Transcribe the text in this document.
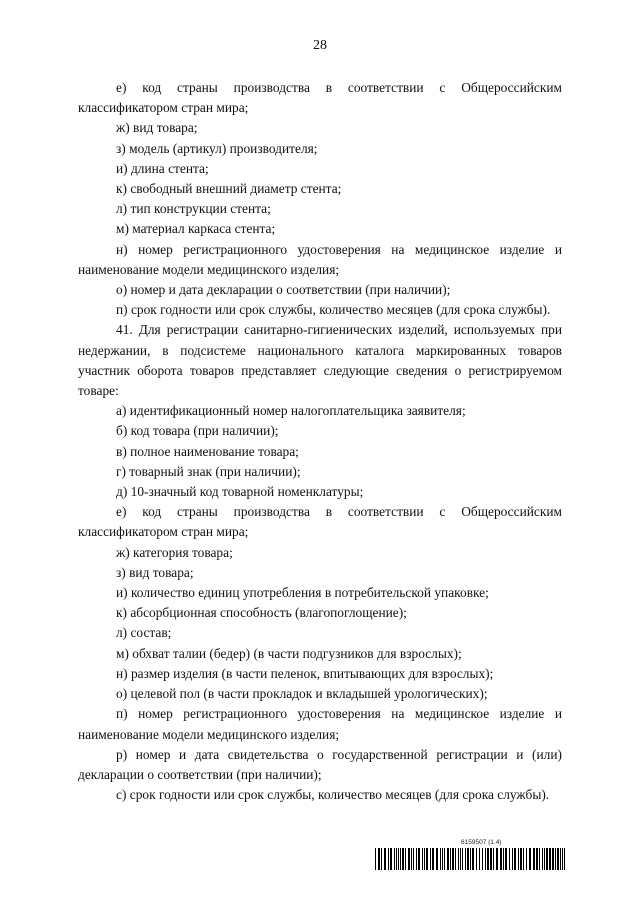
28

е) код страны производства в соответствии с Общероссийским классификатором стран мира;

ж) вид товара;

з) модель (артикул) производителя;

и) длина стента;

к) свободный внешний диаметр стента;

л) тип конструкции стента;

м) материал каркаса стента;

н) номер регистрационного удостоверения на медицинское изделие и наименование модели медицинского изделия;

о) номер и дата декларации о соответствии (при наличии);

п) срок годности или срок службы, количество месяцев (для срока службы).

41. Для регистрации санитарно-гигиенических изделий, используемых при недержании, в подсистеме национального каталога маркированных товаров участник оборота товаров представляет следующие сведения о регистрируемом товаре:

а) идентификационный номер налогоплательщика заявителя;

б) код товара (при наличии);

в) полное наименование товара;

г) товарный знак (при наличии);

д) 10-значный код товарной номенклатуры;

е) код страны производства в соответствии с Общероссийским классификатором стран мира;

ж) категория товара;

з) вид товара;

и) количество единиц употребления в потребительской упаковке;

к) абсорбционная способность (влагопоглощение);

л) состав;

м) обхват талии (бедер) (в части подгузников для взрослых);

н) размер изделия (в части пеленок, впитывающих для взрослых);

о) целевой пол (в части прокладок и вкладышей урологических);

п) номер регистрационного удостоверения на медицинское изделие и наименование модели медицинского изделия;

р) номер и дата свидетельства о государственной регистрации и (или) декларации о соответствии (при наличии);

с) срок годности или срок службы, количество месяцев (для срока службы).

6159507 (1.4)
